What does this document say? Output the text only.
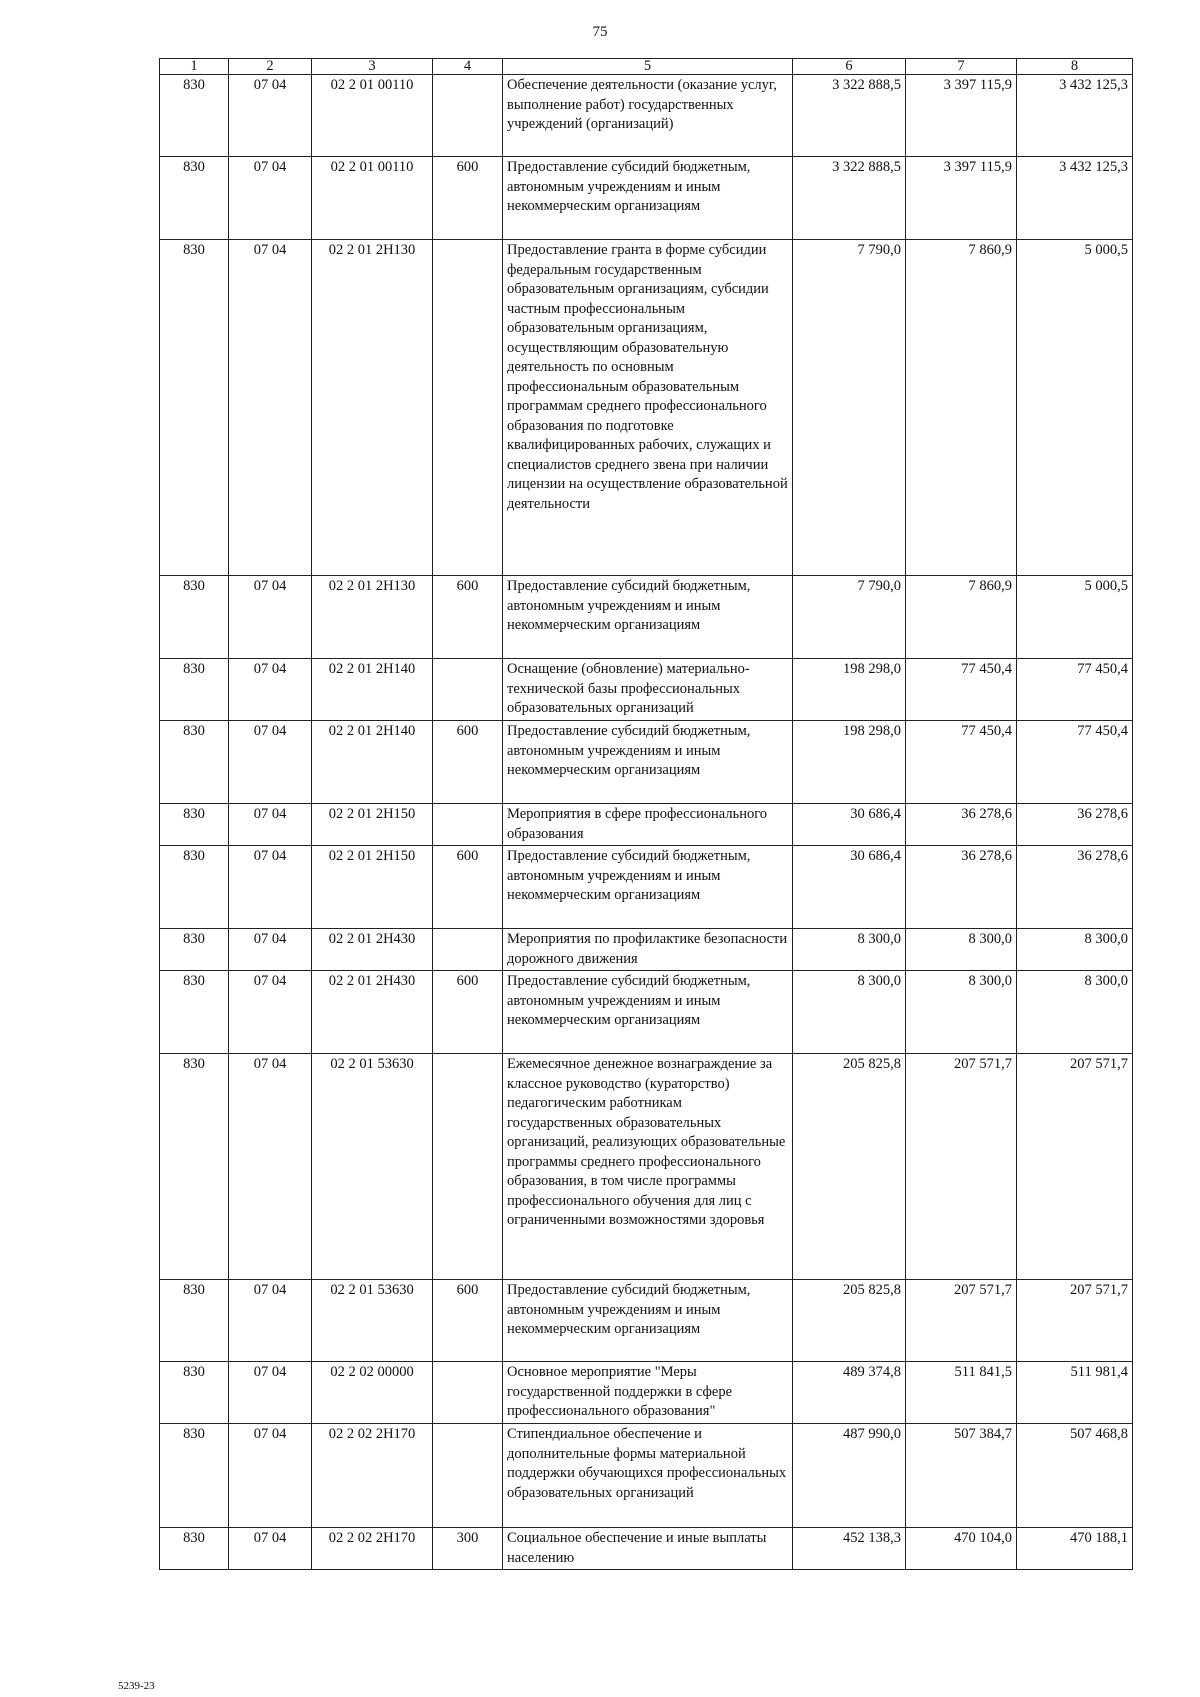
75
1	2	3	4	5	6	7	8
830	07 04	02 2 01 00110		Обеспечение деятельности (оказание услуг, выполнение работ) государственных учреждений (организаций)	3 322 888,5	3 397 115,9	3 432 125,3
830	07 04	02 2 01 00110	600	Предоставление субсидий бюджетным, автономным учреждениям и иным некоммерческим организациям	3 322 888,5	3 397 115,9	3 432 125,3
830	07 04	02 2 01 2Н130		Предоставление гранта в форме субсидии федеральным государственным образовательным организациям, субсидии частным профессиональным образовательным организациям, осуществляющим образовательную деятельность по основным профессиональным образовательным программам среднего профессионального образования по подготовке квалифицированных рабочих, служащих и специалистов среднего звена при наличии лицензии на осуществление образовательной деятельности	7 790,0	7 860,9	5 000,5
830	07 04	02 2 01 2Н130	600	Предоставление субсидий бюджетным, автономным учреждениям и иным некоммерческим организациям	7 790,0	7 860,9	5 000,5
830	07 04	02 2 01 2Н140		Оснащение (обновление) материально-технической базы профессиональных образовательных организаций	198 298,0	77 450,4	77 450,4
830	07 04	02 2 01 2Н140	600	Предоставление субсидий бюджетным, автономным учреждениям и иным некоммерческим организациям	198 298,0	77 450,4	77 450,4
830	07 04	02 2 01 2Н150		Мероприятия в сфере профессионального образования	30 686,4	36 278,6	36 278,6
830	07 04	02 2 01 2Н150	600	Предоставление субсидий бюджетным, автономным учреждениям и иным некоммерческим организациям	30 686,4	36 278,6	36 278,6
830	07 04	02 2 01 2Н430		Мероприятия по профилактике безопасности дорожного движения	8 300,0	8 300,0	8 300,0
830	07 04	02 2 01 2Н430	600	Предоставление субсидий бюджетным, автономным учреждениям и иным некоммерческим организациям	8 300,0	8 300,0	8 300,0
830	07 04	02 2 01 53630		Ежемесячное денежное вознаграждение за классное руководство (кураторство) педагогическим работникам государственных образовательных организаций, реализующих образовательные программы среднего профессионального образования, в том числе программы профессионального обучения для лиц с ограниченными возможностями здоровья	205 825,8	207 571,7	207 571,7
830	07 04	02 2 01 53630	600	Предоставление субсидий бюджетным, автономным учреждениям и иным некоммерческим организациям	205 825,8	207 571,7	207 571,7
830	07 04	02 2 02 00000		Основное мероприятие "Меры государственной поддержки в сфере профессионального образования"	489 374,8	511 841,5	511 981,4
830	07 04	02 2 02 2Н170		Стипендиальное обеспечение и дополнительные формы материальной поддержки обучающихся профессиональных образовательных организаций	487 990,0	507 384,7	507 468,8
830	07 04	02 2 02 2Н170	300	Социальное обеспечение и иные выплаты населению	452 138,3	470 104,0	470 188,1
5239-23
